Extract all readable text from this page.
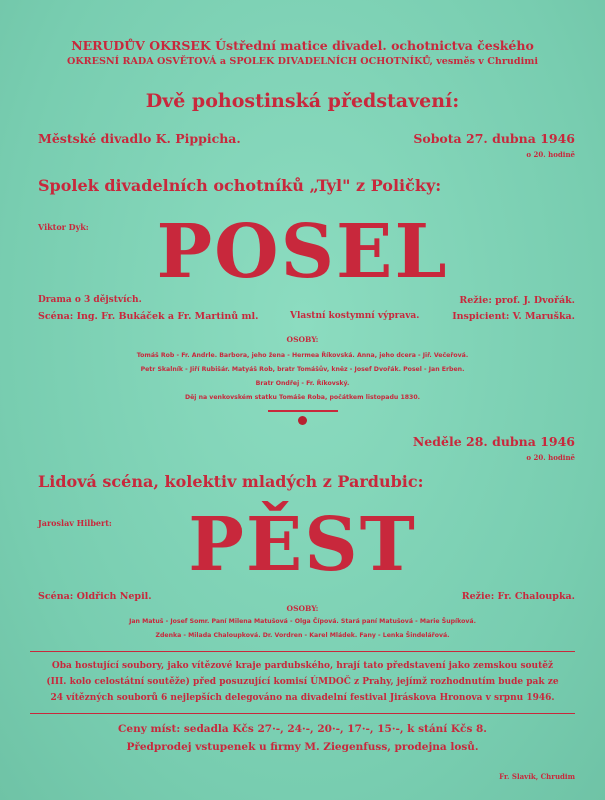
NERUDŮV OKRSEK Ústřední matice divadel. ochotnictva českého
OKRESNÍ RADA OSVĚTOVÁ a SPOLEK DIVADELNÍCH OCHOTNÍKŮ, vesměs v Chrudimi
Dvě pohostinská představení:
Městské divadlo K. Pippicha.	Sobota 27. dubna 1946
o 20. hodině
Spolek divadelních ochotníků „Tyl" z Poličky:
Viktor Dyk: POSEL
Drama o 3 dějstvích.	Režie: prof. J. Dvořák.
Scéna: Ing. Fr. Bukáček a Fr. Martinů ml.	Vlastní kostymní výprava.	Inspicient: V. Maruška.
OSOBY:
Tomáš Rob - Fr. Andrle. Barbora, jeho žena - Hermea Říkovská. Anna, jeho dcera - Jiř. Večeřová.
Petr Skalník - Jiří Rubišár. Matyáš Rob, bratr Tomášův, kněz - Josef Dvořák. Posel - Jan Erben.
Bratr Ondřej - Fr. Říkovský.
Děj na venkovském statku Tomáše Roba, počátkem listopadu 1830.
Neděle 28. dubna 1946
o 20. hodině
Lidová scéna, kolektiv mladých z Pardubic:
Jaroslav Hilbert:	PĚST
Scéna: Oldřich Nepil.	Režie: Fr. Chaloupka.
OSOBY:
Jan Matuš - Josef Somr. Paní Milena Matušová - Olga Čípová. Stará paní Matušová - Marie Šupíková.
Zdenka - Milada Chaloupková. Dr. Vordren - Karel Mládek. Fany - Lenka Šindelářová.
Oba hostující soubory, jako vítězové kraje pardubského, hrají tato představení jako zemskou soutěž
(III. kolo celostátní soutěže) před posuzující komisí ÚMDOČ z Prahy, jejímž rozhodnutím bude pak ze
24 vítězných souborů 6 nejlepších delegováno na divadelní festival Jiráskova Hronova v srpnu 1946.
Ceny míst: sedadla Kčs 27·-, 24·-, 20·-, 17·-, 15·-, k stání Kčs 8.
Předprodej vstupenek u firmy M. Ziegenfuss, prodejna losů.
Fr. Slavík, Chrudim
